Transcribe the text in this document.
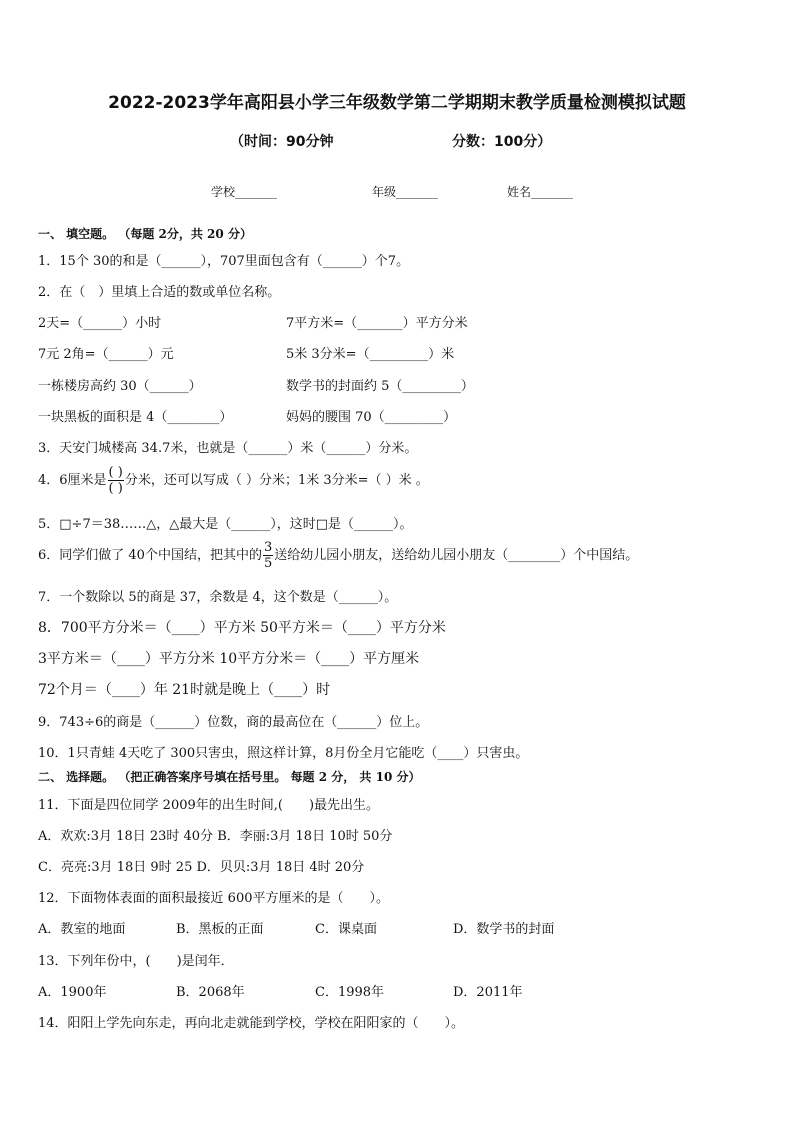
2022-2023学年高阳县小学三年级数学第二学期期末教学质量检测模拟试题
（时间：90分钟	分数：100分）
学校_______	年级_______	姓名_______
一、 填空题。 （每题 2分，共 20 分）
1．15个 30的和是（______），707里面包含有（______）个7。
2．在（　）里填上合适的数或单位名称。
2天=（______）小时	7平方米=（_______）平方分米
7元 2角=（______）元	5米 3分米=（_________）米
一栋楼房高约 30（______）	数学书的封面约 5（_________）
一块黑板的面积是 4（________）	妈妈的腰围 70（_________）
3．天安门城楼高 34.7米，也就是（______）米（______）分米。
4．6厘米是 $\frac{( )}{( )}$ 分米，还可以写成（ ）分米；1米 3分米=（ ）米 。
5．□÷7＝38……△，△最大是（______），这时□是（______）。
6．同学们做了 40个中国结，把其中的 $\frac{3}{5}$ 送给幼儿园小朋友，送给幼儿园小朋友（________）个中国结。
7．一个数除以 5的商是 37，余数是 4，这个数是（______）。
8．700平方分米＝（____）平方米 50平方米＝（____）平方分米
3平方米＝（____）平方分米 10平方分米＝（____）平方厘米
72个月＝（____）年 21时就是晚上（____）时
9．743÷6的商是（______）位数，商的最高位在（______）位上。
10．1只青蛙 4天吃了 300只害虫，照这样计算，8月份全月它能吃（____）只害虫。
二、 选择题。 （把正确答案序号填在括号里。 每题 2 分， 共 10 分）
11．下面是四位同学 2009年的出生时间,(　　)最先出生。
A．欢欢:3月 18日 23时 40分 B．李丽:3月 18日 10时 50分
C．亮亮:3月 18日 9时 25 D．贝贝:3月 18日 4时 20分
12．下面物体表面的面积最接近 600平方厘米的是（　　）。
A．教室的地面	B．黑板的正面	C．课桌面	D．数学书的封面
13．下列年份中，(　　)是闰年．
A．1900年	B．2068年	C．1998年	D．2011年
14．阳阳上学先向东走，再向北走就能到学校，学校在阳阳家的（　　）。
